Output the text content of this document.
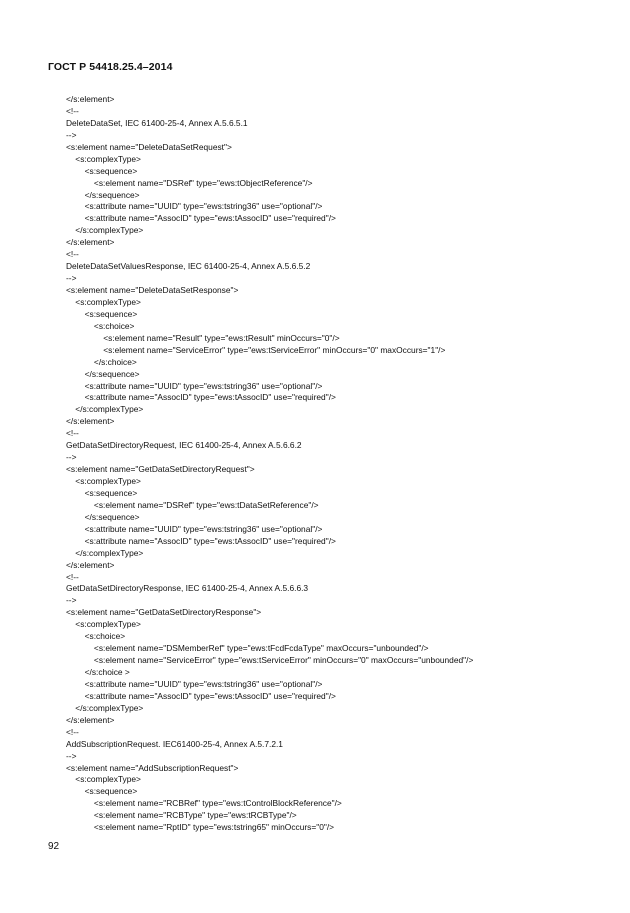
ГОСТ Р 54418.25.4–2014
</s:element>
<!--
DeleteDataSet, IEC 61400-25-4, Annex A.5.6.5.1
-->
<s:element name="DeleteDataSetRequest">
<s:complexType>
<s:sequence>
<s:element name="DSRef" type="ews:tObjectReference"/>
</s:sequence>
<s:attribute name="UUID" type="ews:tstring36" use="optional"/>
<s:attribute name="AssocID" type="ews:tAssocID" use="required"/>
</s:complexType>
</s:element>
<!--
DeleteDataSetValuesResponse, IEC 61400-25-4, Annex A.5.6.5.2
-->
<s:element name="DeleteDataSetResponse">
<s:complexType>
<s:sequence>
<s:choice>
<s:element name="Result" type="ews:tResult" minOccurs="0"/>
<s:element name="ServiceError" type="ews:tServiceError" minOccurs="0" maxOccurs="1"/>
</s:choice>
</s:sequence>
<s:attribute name="UUID" type="ews:tstring36" use="optional"/>
<s:attribute name="AssocID" type="ews:tAssocID" use="required"/>
</s:complexType>
</s:element>
<!--
GetDataSetDirectoryRequest, IEC 61400-25-4, Annex A.5.6.6.2
-->
<s:element name="GetDataSetDirectoryRequest">
<s:complexType>
<s:sequence>
<s:element name="DSRef" type="ews:tDataSetReference"/>
</s:sequence>
<s:attribute name="UUID" type="ews:tstring36" use="optional"/>
<s:attribute name="AssocID" type="ews:tAssocID" use="required"/>
</s:complexType>
</s:element>
<!--
GetDataSetDirectoryResponse, IEC 61400-25-4, Annex A.5.6.6.3
-->
<s:element name="GetDataSetDirectoryResponse">
<s:complexType>
<s:choice>
<s:element name="DSMemberRef" type="ews:tFcdFcdaType" maxOccurs="unbounded"/>
<s:element name="ServiceError" type="ews:tServiceError" minOccurs="0" maxOccurs="unbounded"/>
</s:choice >
<s:attribute name="UUID" type="ews:tstring36" use="optional"/>
<s:attribute name="AssocID" type="ews:tAssocID" use="required"/>
</s:complexType>
</s:element>
<!--
AddSubscriptionRequest. IEC61400-25-4, Annex A.5.7.2.1
-->
<s:element name="AddSubscriptionRequest">
<s:complexType>
<s:sequence>
<s:element name="RCBRef" type="ews:tControlBlockReference"/>
<s:element name="RCBType" type="ews:tRCBType"/>
<s:element name="RptID" type="ews:tstring65" minOccurs="0"/>
92
